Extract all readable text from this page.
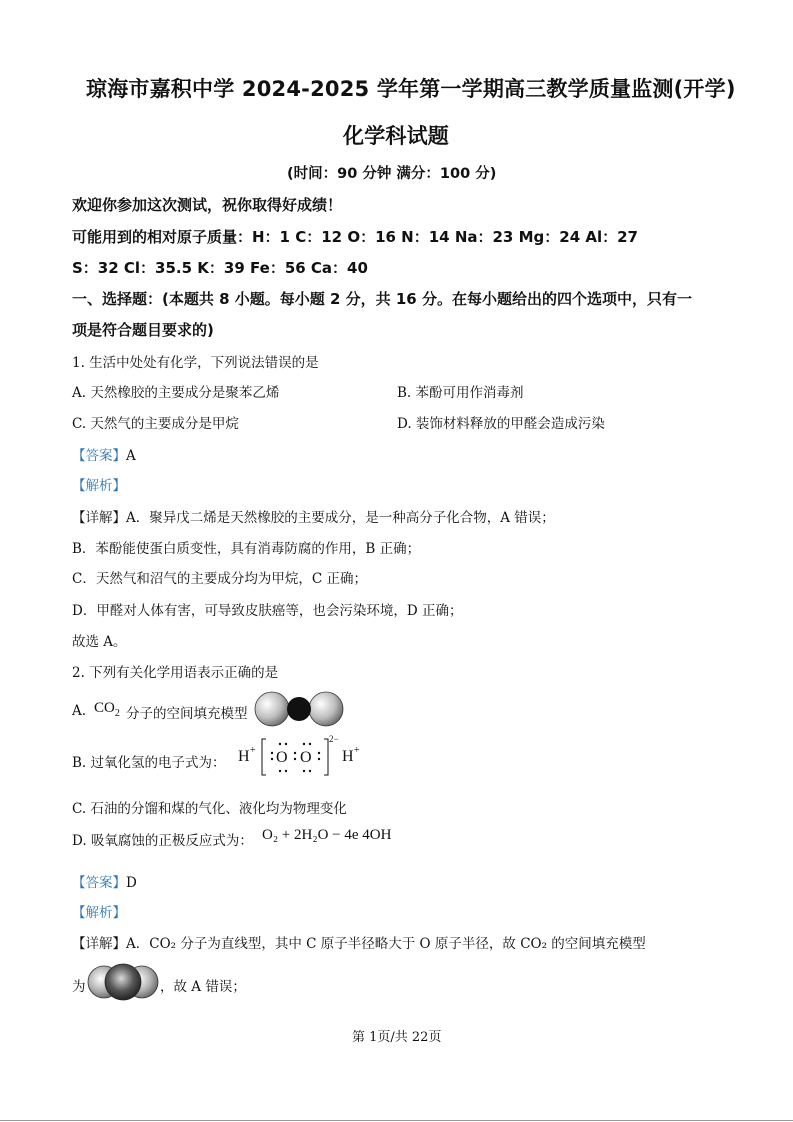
琼海市嘉积中学 2024-2025 学年第一学期高三教学质量监测(开学)
化学科试题
(时间：90 分钟 满分：100 分)
欢迎你参加这次测试，祝你取得好成绩！
可能用到的相对原子质量：H：1 C：12 O：16 N：14 Na：23 Mg：24 Al：27
S：32 Cl：35.5 K：39 Fe：56 Ca：40
一、选择题：(本题共 8 小题。每小题 2 分，共 16 分。在每小题给出的四个选项中，只有一
项是符合题目要求的)
1. 生活中处处有化学，下列说法错误的是
A. 天然橡胶的主要成分是聚苯乙烯	B. 苯酚可用作消毒剂
C. 天然气的主要成分是甲烷	D. 装饰材料释放的甲醛会造成污染
【答案】A
【解析】
【详解】A．聚异戊二烯是天然橡胶的主要成分，是一种高分子化合物，A 错误；
B．苯酚能使蛋白质变性，具有消毒防腐的作用，B 正确；
C．天然气和沼气的主要成分均为甲烷，C 正确；
D．甲醛对人体有害，可导致皮肤癌等，也会污染环境，D 正确；
故选 A。
2. 下列有关化学用语表示正确的是
A. $CO_2$ 分子的空间填充模型
B. 过氧化氢的电子式为： H + O O
2−
H +
C. 石油的分馏和煤的气化、液化均为物理变化
D. 吸氧腐蚀的正极反应式为： O₂ + 2H₂O − 4e 4OH
【答案】D
【解析】
【详解】A．CO₂ 分子为直线型，其中 C 原子半径略大于 O 原子半径，故 CO₂ 的空间填充模型
为	，故 A 错误；
第 1页/共 22页
